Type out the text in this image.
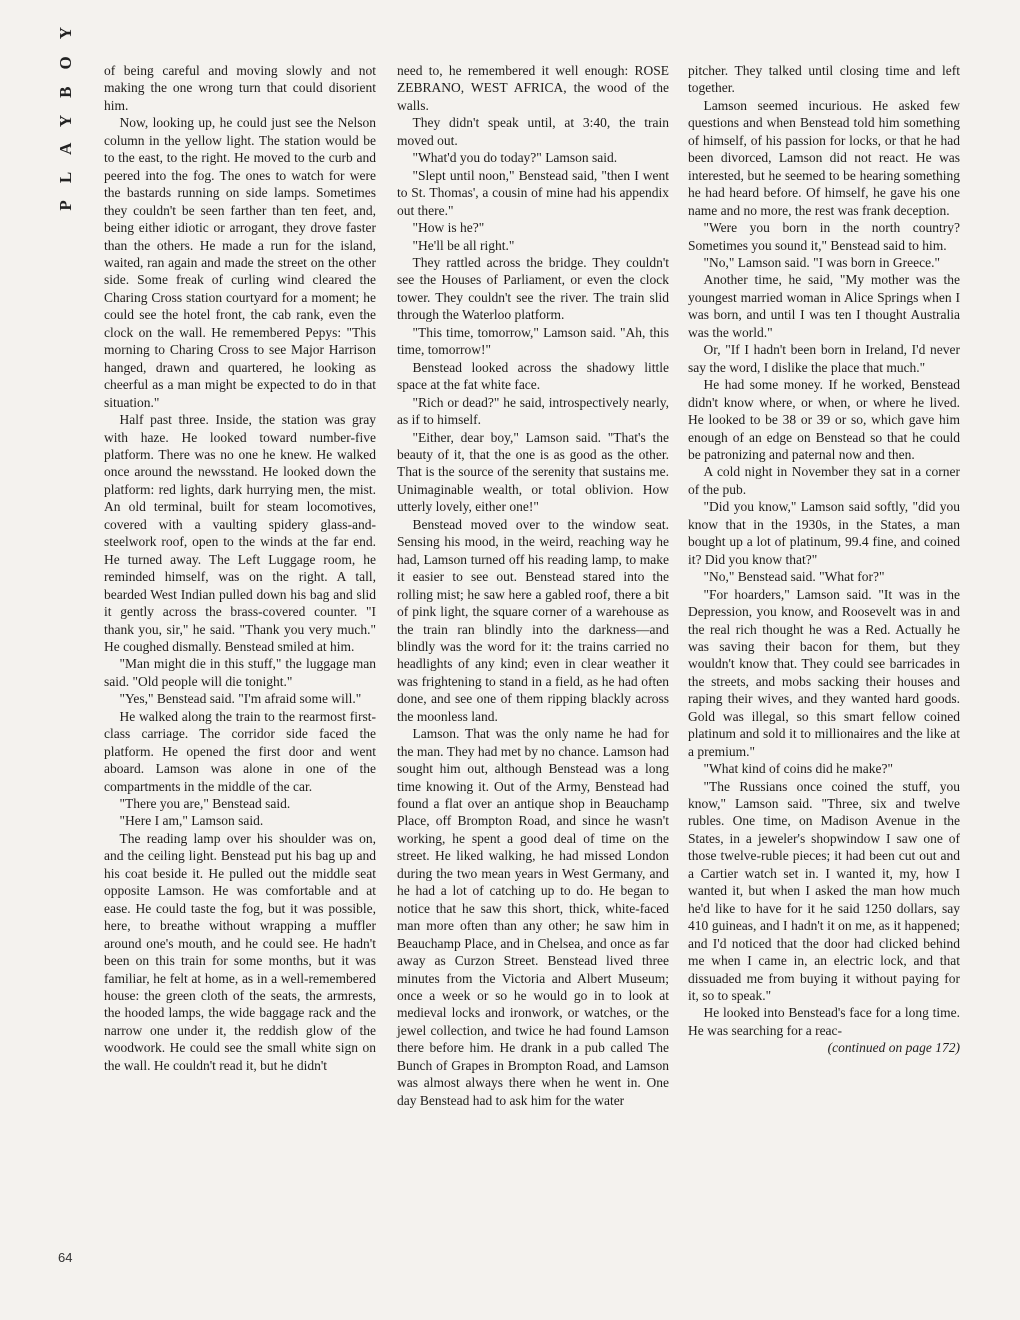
PLAYBOY of being careful and moving slowly and not making the one wrong turn that could disorient him.

Now, looking up, he could just see the Nelson column in the yellow light. The station would be to the east, to the right. He moved to the curb and peered into the fog. The ones to watch for were the bastards running on side lamps. Sometimes they couldn't be seen farther than ten feet, and, being either idiotic or arrogant, they drove faster than the others. He made a run for the island, waited, ran again and made the street on the other side. Some freak of curling wind cleared the Charing Cross station courtyard for a moment; he could see the hotel front, the cab rank, even the clock on the wall. He remembered Pepys: "This morning to Charing Cross to see Major Harrison hanged, drawn and quartered, he looking as cheerful as a man might be expected to do in that situation."

Half past three. Inside, the station was gray with haze. He looked toward number-five platform. There was no one he knew. He walked once around the newsstand. He looked down the platform: red lights, dark hurrying men, the mist. An old terminal, built for steam locomotives, covered with a vaulting spidery glass-and-steelwork roof, open to the winds at the far end. He turned away. The Left Luggage room, he reminded himself, was on the right. A tall, bearded West Indian pulled down his bag and slid it gently across the brass-covered counter. "I thank you, sir," he said. "Thank you very much." He coughed dismally. Benstead smiled at him.

"Man might die in this stuff," the luggage man said. "Old people will die tonight."

"Yes," Benstead said. "I'm afraid some will."

He walked along the train to the rearmost first-class carriage. The corridor side faced the platform. He opened the first door and went aboard. Lamson was alone in one of the compartments in the middle of the car.

"There you are," Benstead said.

"Here I am," Lamson said.

The reading lamp over his shoulder was on, and the ceiling light. Benstead put his bag up and his coat beside it. He pulled out the middle seat opposite Lamson. He was comfortable and at ease. He could taste the fog, but it was possible, here, to breathe without wrapping a muffler around one's mouth, and he could see. He hadn't been on this train for some months, but it was familiar, he felt at home, as in a well-remembered house: the green cloth of the seats, the armrests, the hooded lamps, the wide baggage rack and the narrow one under it, the reddish glow of the woodwork. He could see the small white sign on the wall. He couldn't read it, but he didn't

need to, he remembered it well enough: ROSE ZEBRANO, WEST AFRICA, the wood of the walls.

They didn't speak until, at 3:40, the train moved out.

"What'd you do today?" Lamson said.

"Slept until noon," Benstead said, "then I went to St. Thomas', a cousin of mine had his appendix out there."

"How is he?"

"He'll be all right."

They rattled across the bridge. They couldn't see the Houses of Parliament, or even the clock tower. They couldn't see the river. The train slid through the Waterloo platform.

"This time, tomorrow," Lamson said. "Ah, this time, tomorrow!"

Benstead looked across the shadowy little space at the fat white face.

"Rich or dead?" he said, introspectively nearly, as if to himself.

"Either, dear boy," Lamson said. "That's the beauty of it, that the one is as good as the other. That is the source of the serenity that sustains me. Unimaginable wealth, or total oblivion. How utterly lovely, either one!"

Benstead moved over to the window seat. Sensing his mood, in the weird, reaching way he had, Lamson turned off his reading lamp, to make it easier to see out. Benstead stared into the rolling mist; he saw here a gabled roof, there a bit of pink light, the square corner of a warehouse as the train ran blindly into the darkness—and blindly was the word for it: the trains carried no headlights of any kind; even in clear weather it was frightening to stand in a field, as he had often done, and see one of them ripping blackly across the moonless land.

Lamson. That was the only name he had for the man. They had met by no chance. Lamson had sought him out, although Benstead was a long time knowing it. Out of the Army, Benstead had found a flat over an antique shop in Beauchamp Place, off Brompton Road, and since he wasn't working, he spent a good deal of time on the street. He liked walking, he had missed London during the two mean years in West Germany, and he had a lot of catching up to do. He began to notice that he saw this short, thick, white-faced man more often than any other; he saw him in Beauchamp Place, and in Chelsea, and once as far away as Curzon Street. Benstead lived three minutes from the Victoria and Albert Museum; once a week or so he would go in to look at medieval locks and ironwork, or watches, or the jewel collection, and twice he had found Lamson there before him. He drank in a pub called The Bunch of Grapes in Brompton Road, and Lamson was almost always there when he went in. One day Benstead had to ask him for the water

pitcher. They talked until closing time and left together.

Lamson seemed incurious. He asked few questions and when Benstead told him something of himself, of his passion for locks, or that he had been divorced, Lamson did not react. He was interested, but he seemed to be hearing something he had heard before. Of himself, he gave his one name and no more, the rest was frank deception.

"Were you born in the north country? Sometimes you sound it," Benstead said to him.

"No," Lamson said. "I was born in Greece."

Another time, he said, "My mother was the youngest married woman in Alice Springs when I was born, and until I was ten I thought Australia was the world."

Or, "If I hadn't been born in Ireland, I'd never say the word, I dislike the place that much."

He had some money. If he worked, Benstead didn't know where, or when, or where he lived. He looked to be 38 or 39 or so, which gave him enough of an edge on Benstead so that he could be patronizing and paternal now and then.

A cold night in November they sat in a corner of the pub.

"Did you know," Lamson said softly, "did you know that in the 1930s, in the States, a man bought up a lot of platinum, 99.4 fine, and coined it? Did you know that?"

"No," Benstead said. "What for?"

"For hoarders," Lamson said. "It was in the Depression, you know, and Roosevelt was in and the real rich thought he was a Red. Actually he was saving their bacon for them, but they wouldn't know that. They could see barricades in the streets, and mobs sacking their houses and raping their wives, and they wanted hard goods. Gold was illegal, so this smart fellow coined platinum and sold it to millionaires and the like at a premium."

"What kind of coins did he make?"

"The Russians once coined the stuff, you know," Lamson said. "Three, six and twelve rubles. One time, on Madison Avenue in the States, in a jeweler's shopwindow I saw one of those twelve-ruble pieces; it had been cut out and a Cartier watch set in. I wanted it, my, how I wanted it, but when I asked the man how much he'd like to have for it he said 1250 dollars, say 410 guineas, and I hadn't it on me, as it happened; and I'd noticed that the door had clicked behind me when I came in, an electric lock, and that dissuaded me from buying it without paying for it, so to speak."

He looked into Benstead's face for a long time. He was searching for a reac-

(continued on page 172)

64
